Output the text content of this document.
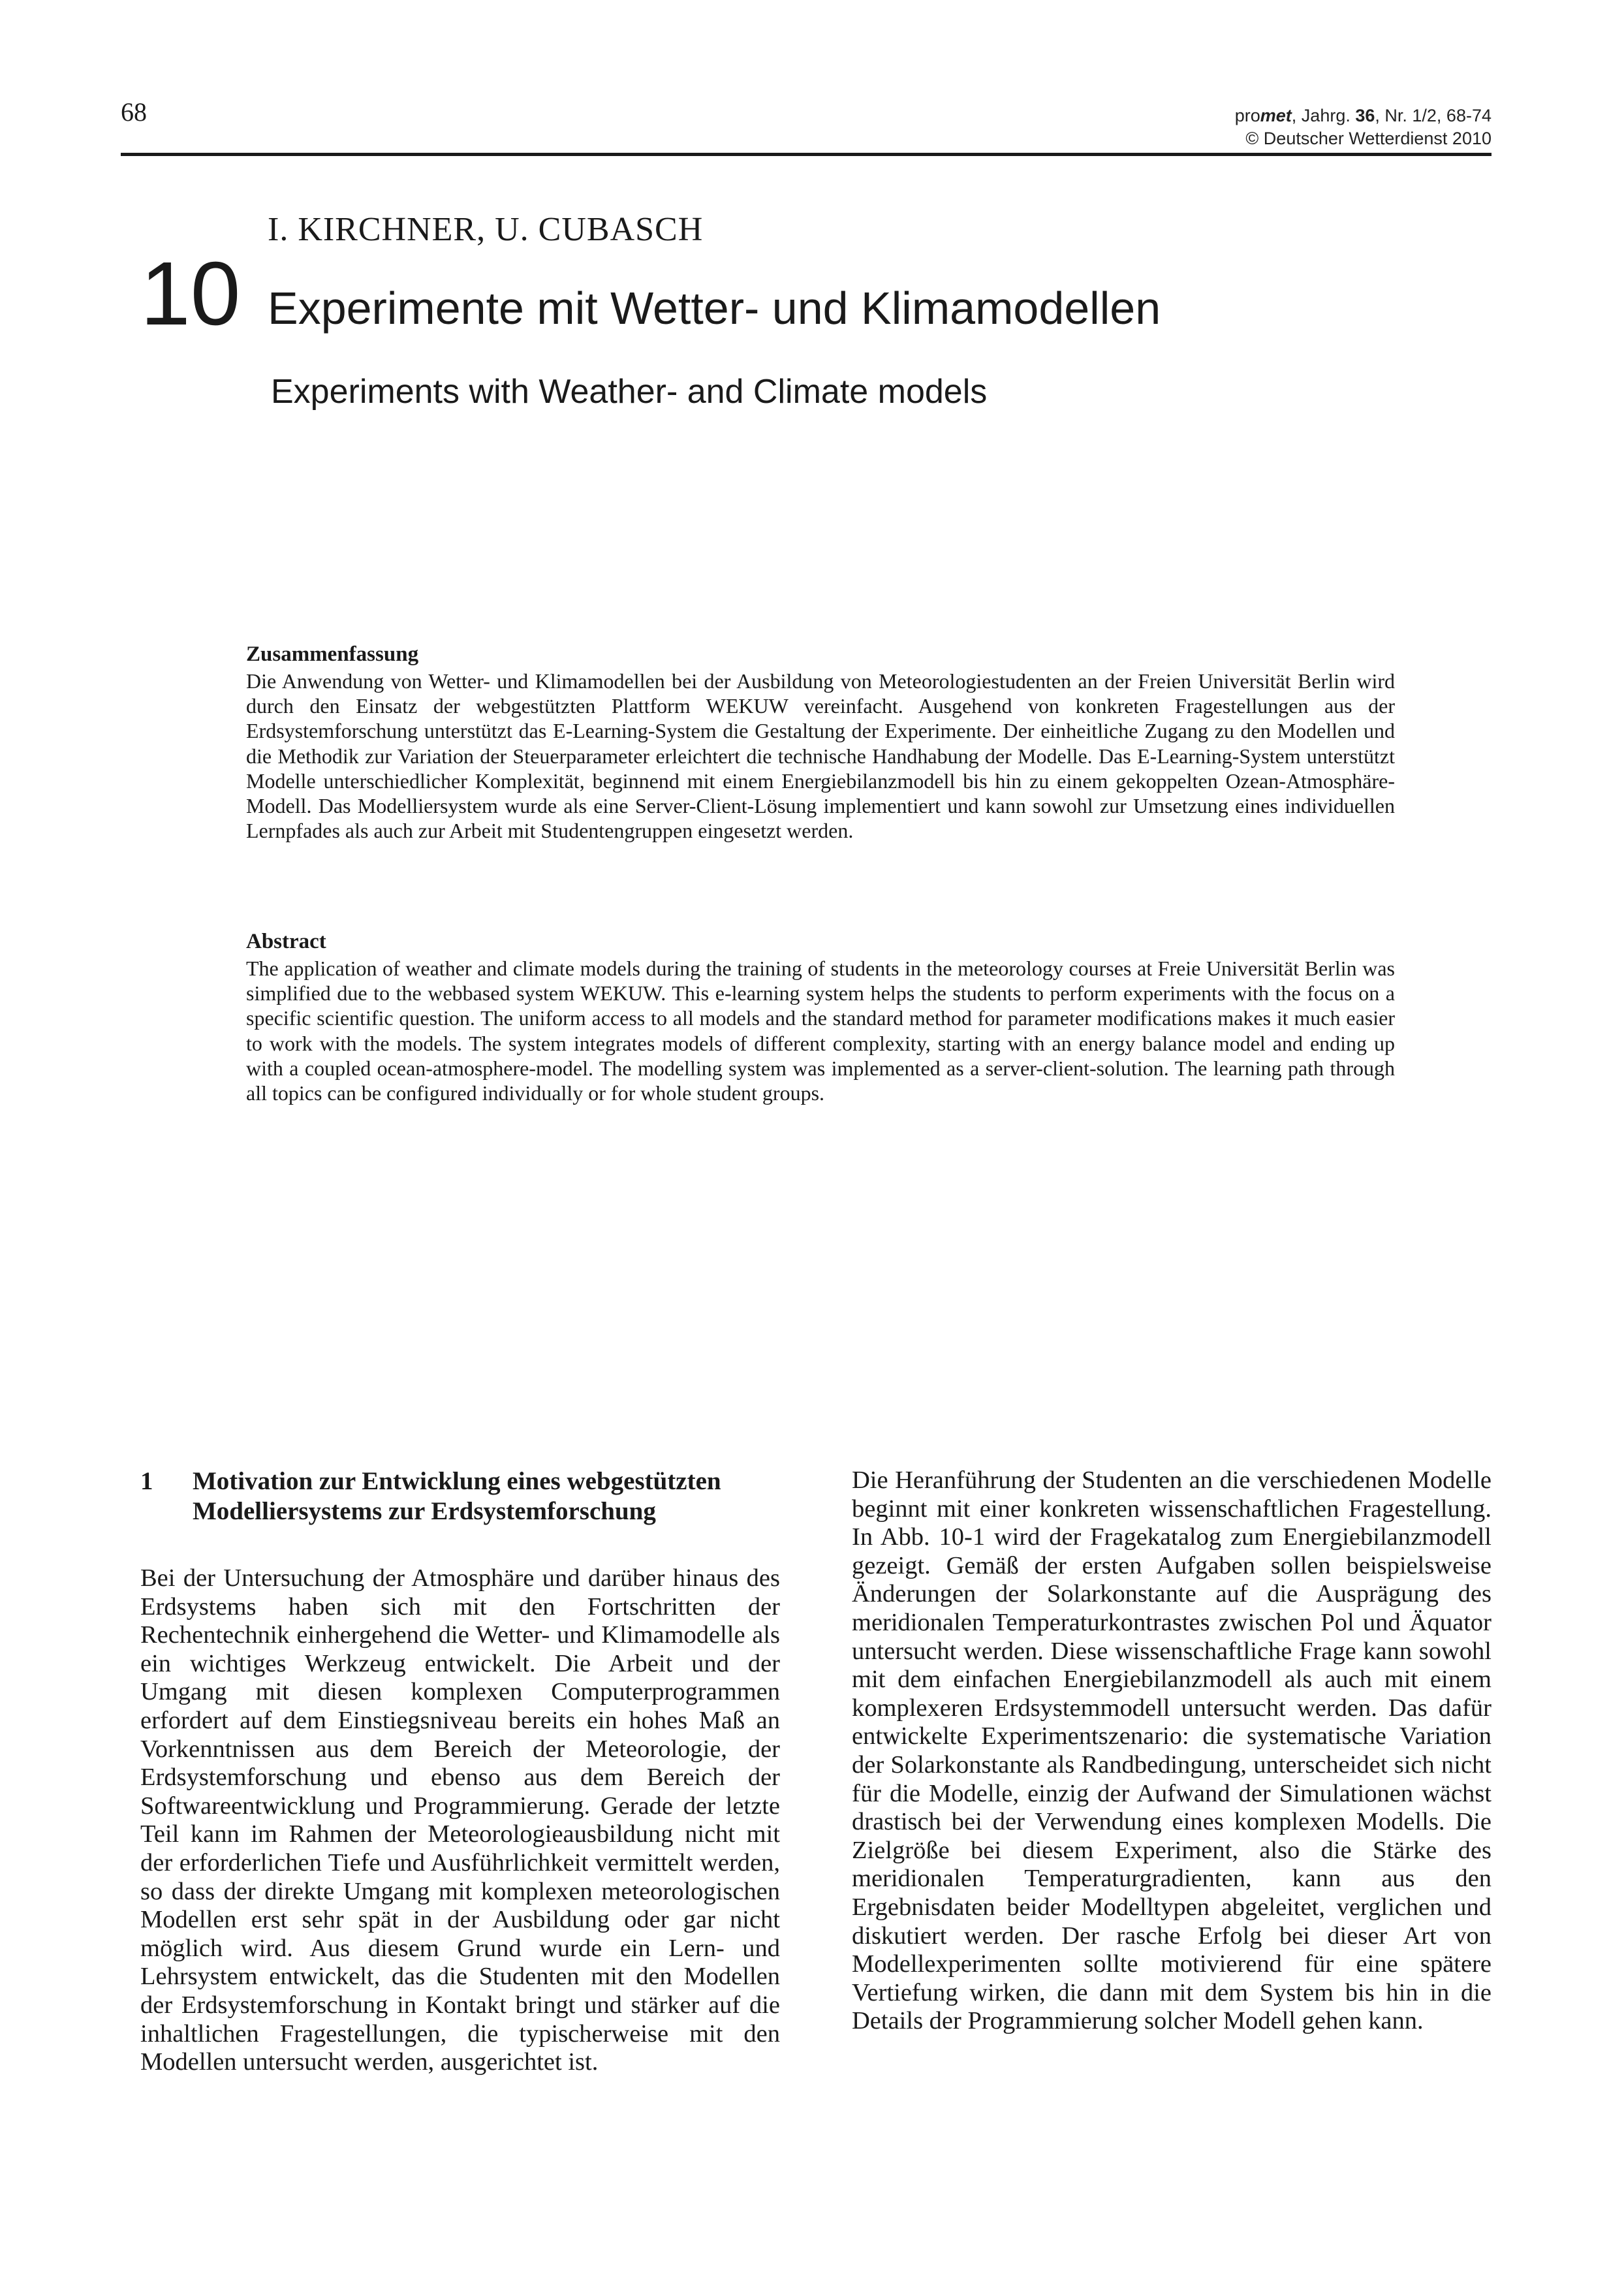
68	promet, Jahrg. 36, Nr. 1/2, 68-74
© Deutscher Wetterdienst 2010
I. KIRCHNER, U. CUBASCH
10 Experimente mit Wetter- und Klimamodellen
Experiments with Weather- and Climate models
Zusammenfassung

Die Anwendung von Wetter- und Klimamodellen bei der Ausbildung von Meteorologiestudenten an der Freien Universität Berlin wird durch den Einsatz der webgestützten Plattform WEKUW vereinfacht. Ausgehend von konkreten Fragestellungen aus der Erdsystemforschung unterstützt das E-Learning-System die Gestaltung der Experimente. Der einheitliche Zugang zu den Modellen und die Methodik zur Variation der Steuerparameter erleichtert die technische Handhabung der Modelle. Das E-Learning-System unterstützt Modelle unterschiedlicher Komplexität, beginnend mit einem Energiebilanzmodell bis hin zu einem gekoppelten Ozean-Atmosphäre-Modell. Das Modelliersystem wurde als eine Server-Client-Lösung implementiert und kann sowohl zur Umsetzung eines individuellen Lernpfades als auch zur Arbeit mit Studentengruppen eingesetzt werden.

Abstract

The application of weather and climate models during the training of students in the meteorology courses at Freie Universität Berlin was simplified due to the webbased system WEKUW. This e-learning system helps the students to perform experiments with the focus on a specific scientific question. The uniform access to all models and the standard method for parameter modifications makes it much easier to work with the models. The system integrates models of different complexity, starting with an energy balance model and ending up with a coupled ocean-atmosphere-model. The modelling system was implemented as a server-client-solution. The learning path through all topics can be configured individually or for whole student groups.

1	Motivation zur Entwicklung eines webgestützten Modelliersystems zur Erdsystemforschung

Bei der Untersuchung der Atmosphäre und darüber hinaus des Erdsystems haben sich mit den Fortschritten der Rechentechnik einhergehend die Wetter- und Klimamodelle als ein wichtiges Werkzeug entwickelt. Die Arbeit und der Umgang mit diesen komplexen Computerprogrammen erfordert auf dem Einstiegsniveau bereits ein hohes Maß an Vorkenntnissen aus dem Bereich der Meteorologie, der Erdsystemforschung und ebenso aus dem Bereich der Softwareentwicklung und Programmierung. Gerade der letzte Teil kann im Rahmen der Meteorologieausbildung nicht mit der erforderlichen Tiefe und Ausführlichkeit vermittelt werden, so dass der direkte Umgang mit komplexen meteorologischen Modellen erst sehr spät in der Ausbildung oder gar nicht möglich wird. Aus diesem Grund wurde ein Lern- und Lehrsystem entwickelt, das die Studenten mit den Modellen der Erdsystemforschung in Kontakt bringt und stärker auf die inhaltlichen Fragestellungen, die typischerweise mit den Modellen untersucht werden, ausgerichtet ist.

Die Heranführung der Studenten an die verschiedenen Modelle beginnt mit einer konkreten wissenschaftlichen Fragestellung. In Abb. 10-1 wird der Fragekatalog zum Energiebilanzmodell gezeigt. Gemäß der ersten Aufgaben sollen beispielsweise Änderungen der Solarkonstante auf die Ausprägung des meridionalen Temperaturkontrastes zwischen Pol und Äquator untersucht werden. Diese wissenschaftliche Frage kann sowohl mit dem einfachen Energiebilanzmodell als auch mit einem komplexeren Erdsystemmodell untersucht werden. Das dafür entwickelte Experimentszenario: die systematische Variation der Solarkonstante als Randbedingung, unterscheidet sich nicht für die Modelle, einzig der Aufwand der Simulationen wächst drastisch bei der Verwendung eines komplexen Modells. Die Zielgröße bei diesem Experiment, also die Stärke des meridionalen Temperaturgradienten, kann aus den Ergebnisdaten beider Modelltypen abgeleitet, verglichen und diskutiert werden. Der rasche Erfolg bei dieser Art von Modellexperimenten sollte motivierend für eine spätere Vertiefung wirken, die dann mit dem System bis hin in die Details der Programmierung solcher Modell gehen kann.
